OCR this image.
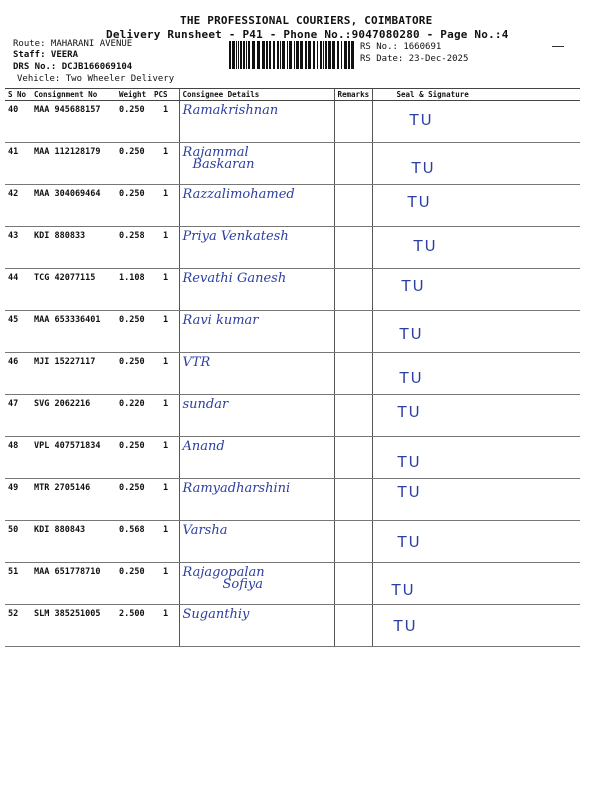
THE PROFESSIONAL COURIERS, COIMBATORE
Delivery Runsheet - P41 - Phone No.:9047080280 - Page No.:4
Route: MAHARANI AVENUE
Staff: VEERA
DRS No.: DCJB166069104
Vehicle: Two Wheeler Delivery
RS No.: 1660691
RS Date: 23-Dec-2025
S No	Consignment No	Weight	PCS	Consignee Details	Remarks	Seal & Signature
40	MAA 945688157	0.250	1	Ramakrishnan		TU

41	MAA 112128179	0.250	1	Rajammal
Baskaran		TU

42	MAA 304069464	0.250	1	Razzalimohamed		TU

43	KDI 880833	0.258	1	Priya Venkatesh		TU

44	TCG 42077115	1.108	1	Revathi Ganesh		TU

45	MAA 653336401	0.250	1	Ravi kumar		TU

46	MJI 15227117	0.250	1	VTR		TU

47	SVG 2062216	0.220	1	sundar		TU

48	VPL 407571834	0.250	1	Anand		TU

49	MTR 2705146	0.250	1	Ramyadharshini		TU

50	KDI 880843	0.568	1	Varsha		TU

51	MAA 651778710	0.250	1	Rajagopalan
Sofiya		TU

52	SLM 385251005	2.500	1	Suganthiy		TU
